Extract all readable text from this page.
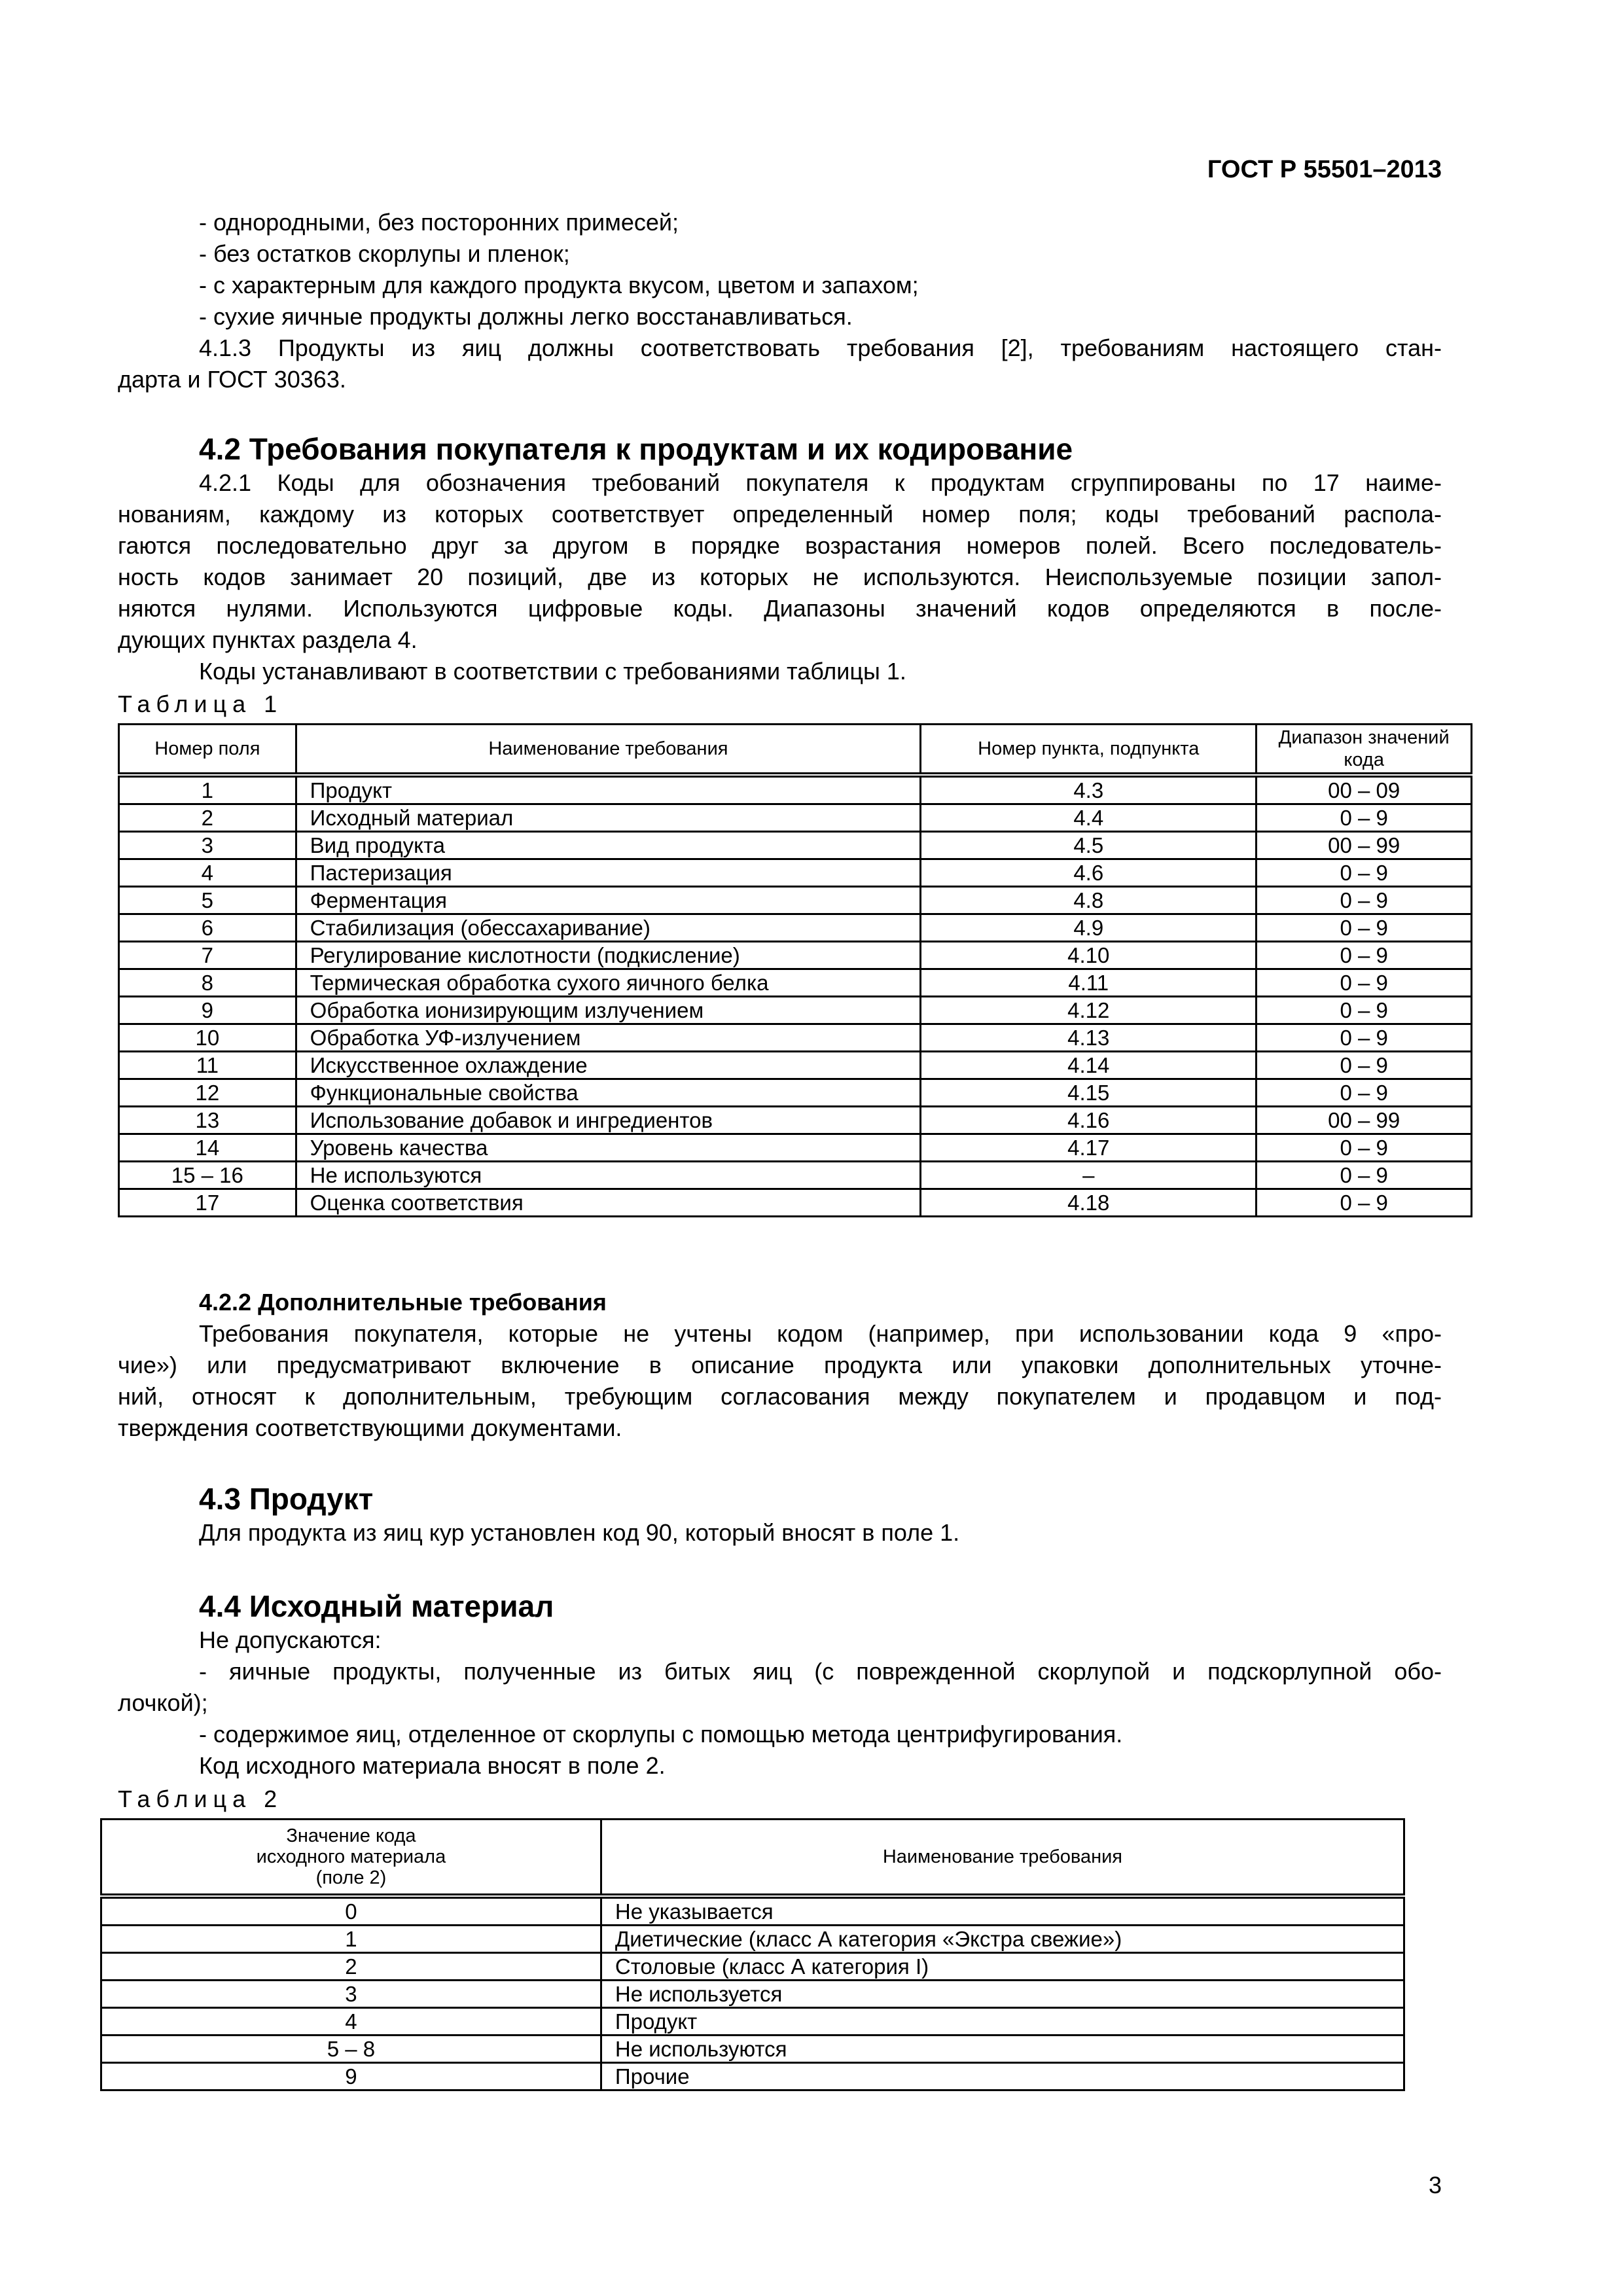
ГОСТ Р 55501–2013
- однородными, без посторонних примесей;
- без остатков скорлупы и пленок;
- с характерным для каждого продукта вкусом, цветом и запахом;
- сухие яичные продукты должны легко восстанавливаться.
4.1.3 Продукты из яиц должны соответствовать требования [2], требованиям настоящего стан-
дарта и ГОСТ 30363.
4.2 Требования покупателя к продуктам и их кодирование
4.2.1 Коды для обозначения требований покупателя к продуктам сгруппированы по 17 наиме-
нованиям, каждому из которых соответствует определенный номер поля; коды требований распола-
гаются последовательно друг за другом в порядке возрастания номеров полей. Всего последователь-
ность кодов занимает 20 позиций, две из которых не используются. Неиспользуемые позиции запол-
няются нулями. Используются цифровые коды. Диапазоны значений кодов определяются в после-
дующих пунктах раздела 4.
Коды устанавливают в соответствии с требованиями таблицы 1.
Таблица 1
Номер поля	Наименование требования	Номер пункта, подпункта	Диапазон значений кода
1	Продукт	4.3	00 – 09
2	Исходный материал	4.4	0 – 9
3	Вид продукта	4.5	00 – 99
4	Пастеризация	4.6	0 – 9
5	Ферментация	4.8	0 – 9
6	Стабилизация (обессахаривание)	4.9	0 – 9
7	Регулирование кислотности (подкисление)	4.10	0 – 9
8	Термическая обработка сухого яичного белка	4.11	0 – 9
9	Обработка ионизирующим излучением	4.12	0 – 9
10	Обработка УФ-излучением	4.13	0 – 9
11	Искусственное охлаждение	4.14	0 – 9
12	Функциональные свойства	4.15	0 – 9
13	Использование добавок и ингредиентов	4.16	00 – 99
14	Уровень качества	4.17	0 – 9
15 – 16	Не используются	–	0 – 9
17	Оценка соответствия	4.18	0 – 9
4.2.2 Дополнительные требования
Требования покупателя, которые не учтены кодом (например, при использовании кода 9 «про-
чие») или предусматривают включение в описание продукта или упаковки дополнительных уточне-
ний, относят к дополнительным, требующим согласования между покупателем и продавцом и под-
тверждения соответствующими документами.
4.3 Продукт
Для продукта из яиц кур установлен код 90, который вносят в поле 1.
4.4 Исходный материал
Не допускаются:
- яичные продукты, полученные из битых яиц (с поврежденной скорлупой и подскорлупной обо-
лочкой);
- содержимое яиц, отделенное от скорлупы с помощью метода центрифугирования.
Код исходного материала вносят в поле 2.
Таблица 2
Значение кода
исходного материала
(поле 2)	Наименование требования
0	Не указывается
1	Диетические (класс А категория «Экстра свежие»)
2	Столовые (класс А категория I)
3	Не используется
4	Продукт
5 – 8	Не используются
9	Прочие
3
